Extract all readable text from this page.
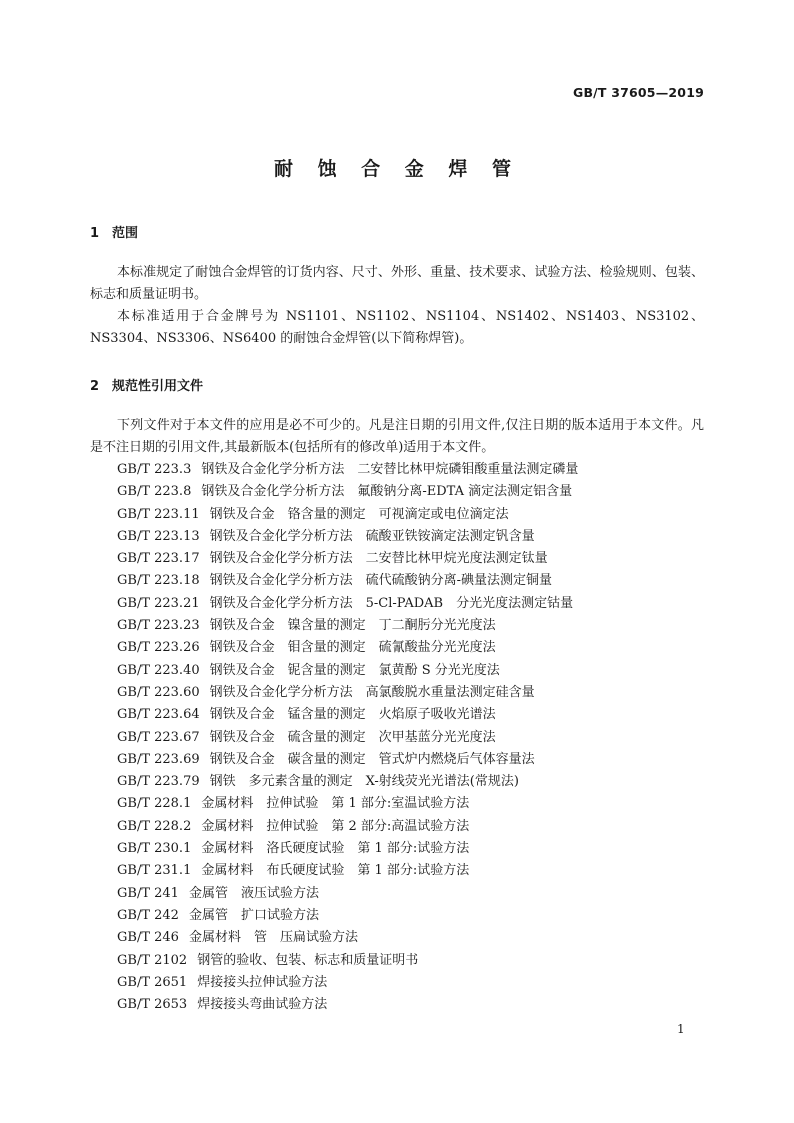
GB/T 37605—2019
耐 蚀 合 金 焊 管
1 范围

本标准规定了耐蚀合金焊管的订货内容、尺寸、外形、重量、技术要求、试验方法、检验规则、包装、标志和质量证明书。

本标准适用于合金牌号为 NS1101、NS1102、NS1104、NS1402、NS1403、NS3102、NS3304、NS3306、NS6400 的耐蚀合金焊管(以下简称焊管)。

2 规范性引用文件

下列文件对于本文件的应用是必不可少的。凡是注日期的引用文件,仅注日期的版本适用于本文件。凡是不注日期的引用文件,其最新版本(包括所有的修改单)适用于本文件。

GB/T 223.3 钢铁及合金化学分析方法　二安替比林甲烷磷钼酸重量法测定磷量
GB/T 223.8 钢铁及合金化学分析方法　氟酸钠分离-EDTA 滴定法测定铝含量
GB/T 223.11 钢铁及合金　铬含量的测定　可视滴定或电位滴定法
GB/T 223.13 钢铁及合金化学分析方法　硫酸亚铁铵滴定法测定钒含量
GB/T 223.17 钢铁及合金化学分析方法　二安替比林甲烷光度法测定钛量
GB/T 223.18 钢铁及合金化学分析方法　硫代硫酸钠分离-碘量法测定铜量
GB/T 223.21 钢铁及合金化学分析方法　5-Cl-PADAB　分光光度法测定钴量
GB/T 223.23 钢铁及合金　镍含量的测定　丁二酮肟分光光度法
GB/T 223.26 钢铁及合金　钼含量的测定　硫氰酸盐分光光度法
GB/T 223.40 钢铁及合金　铌含量的测定　氯黄酚 S 分光光度法
GB/T 223.60 钢铁及合金化学分析方法　高氯酸脱水重量法测定硅含量
GB/T 223.64 钢铁及合金　锰含量的测定　火焰原子吸收光谱法
GB/T 223.67 钢铁及合金　硫含量的测定　次甲基蓝分光光度法
GB/T 223.69 钢铁及合金　碳含量的测定　管式炉内燃烧后气体容量法
GB/T 223.79 钢铁　多元素含量的测定　X-射线荧光光谱法(常规法)
GB/T 228.1 金属材料　拉伸试验　第 1 部分:室温试验方法
GB/T 228.2 金属材料　拉伸试验　第 2 部分:高温试验方法
GB/T 230.1 金属材料　洛氏硬度试验　第 1 部分:试验方法
GB/T 231.1 金属材料　布氏硬度试验　第 1 部分:试验方法
GB/T 241 金属管　液压试验方法
GB/T 242 金属管　扩口试验方法
GB/T 246 金属材料　管　压扁试验方法
GB/T 2102 钢管的验收、包装、标志和质量证明书
GB/T 2651 焊接接头拉伸试验方法
GB/T 2653 焊接接头弯曲试验方法
1
